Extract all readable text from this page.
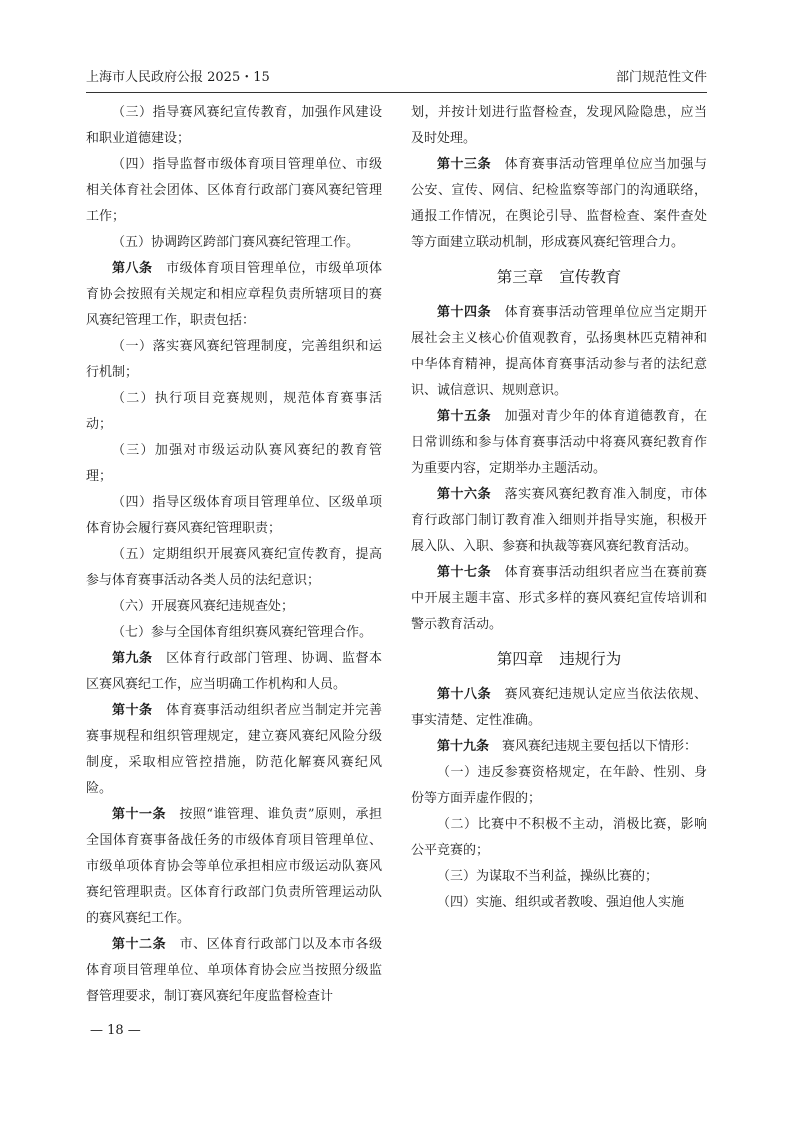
上海市人民政府公报 2025・15	部门规范性文件

（三）指导赛风赛纪宣传教育，加强作风建设和职业道德建设；

（四）指导监督市级体育项目管理单位、市级相关体育社会团体、区体育行政部门赛风赛纪管理工作；

（五）协调跨区跨部门赛风赛纪管理工作。

第八条　 市级体育项目管理单位，市级单项体育协会按照有关规定和相应章程负责所辖项目的赛风赛纪管理工作，职责包括：

（一）落实赛风赛纪管理制度，完善组织和运行机制；

（二）执行项目竞赛规则，规范体育赛事活动；

（三）加强对市级运动队赛风赛纪的教育管理；

（四）指导区级体育项目管理单位、区级单项体育协会履行赛风赛纪管理职责；

（五）定期组织开展赛风赛纪宣传教育，提高参与体育赛事活动各类人员的法纪意识；

（六）开展赛风赛纪违规查处；

（七）参与全国体育组织赛风赛纪管理合作。

第九条　 区体育行政部门管理、协调、监督本区赛风赛纪工作，应当明确工作机构和人员。

第十条　 体育赛事活动组织者应当制定并完善赛事规程和组织管理规定，建立赛风赛纪风险分级制度，采取相应管控措施，防范化解赛风赛纪风险。

第十一条　 按照“谁管理、谁负责”原则，承担全国体育赛事备战任务的市级体育项目管理单位、市级单项体育协会等单位承担相应市级运动队赛风赛纪管理职责。区体育行政部门负责所管理运动队的赛风赛纪工作。

第十二条　 市、区体育行政部门以及本市各级体育项目管理单位、单项体育协会应当按照分级监督管理要求，制订赛风赛纪年度监督检查计

划，并按计划进行监督检查，发现风险隐患，应当及时处理。

第十三条　 体育赛事活动管理单位应当加强与公安、宣传、网信、纪检监察等部门的沟通联络，通报工作情况，在舆论引导、监督检查、案件查处等方面建立联动机制，形成赛风赛纪管理合力。

第三章 宣传教育

第十四条　 体育赛事活动管理单位应当定期开展社会主义核心价值观教育，弘扬奥林匹克精神和中华体育精神，提高体育赛事活动参与者的法纪意识、诚信意识、规则意识。

第十五条　 加强对青少年的体育道德教育，在日常训练和参与体育赛事活动中将赛风赛纪教育作为重要内容，定期举办主题活动。

第十六条　 落实赛风赛纪教育准入制度，市体育行政部门制订教育准入细则并指导实施，积极开展入队、入职、参赛和执裁等赛风赛纪教育活动。

第十七条　 体育赛事活动组织者应当在赛前赛中开展主题丰富、形式多样的赛风赛纪宣传培训和警示教育活动。

第四章 违规行为

第十八条　 赛风赛纪违规认定应当依法依规、事实清楚、定性准确。

第十九条　 赛风赛纪违规主要包括以下情形：

（一）违反参赛资格规定，在年龄、性别、身份等方面弄虚作假的；

（二）比赛中不积极不主动，消极比赛，影响公平竞赛的；

（三）为谋取不当利益，操纵比赛的；

（四）实施、组织或者教唆、强迫他人实施

— 18 —
